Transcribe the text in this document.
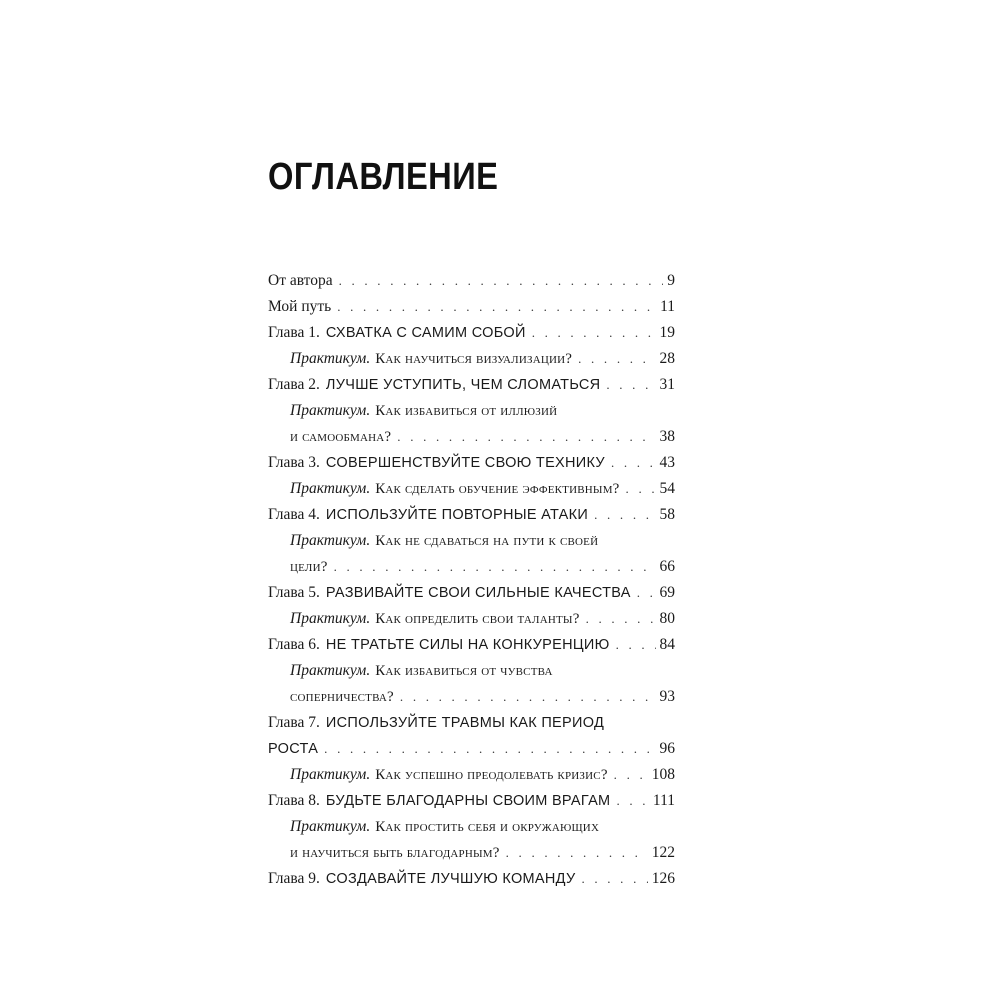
ОГЛАВЛЕНИЕ
От автора . . .	9
Мой путь . . .	11
Глава 1. СХВАТКА С САМИМ СОБОЙ . . .	19
Практикум. Как научиться визуализации? . . .	28
Глава 2. ЛУЧШЕ УСТУПИТЬ, ЧЕМ СЛОМАТЬСЯ . . .	31
Практикум. Как избавиться от иллюзий
и самообмана? . . .	38
Глава 3. СОВЕРШЕНСТВУЙТЕ СВОЮ ТЕХНИКУ . . .	43
Практикум. Как сделать обучение эффективным? . . .	54
Глава 4. ИСПОЛЬЗУЙТЕ ПОВТОРНЫЕ АТАКИ . . .	58
Практикум. Как не сдаваться на пути к своей
цели? . . .	66
Глава 5. РАЗВИВАЙТЕ СВОИ СИЛЬНЫЕ КАЧЕСТВА . . . 69
Практикум. Как определить свои таланты? . . .	80
Глава 6. НЕ ТРАТЬТЕ СИЛЫ НА КОНКУРЕНЦИЮ . . .	84
Практикум. Как избавиться от чувства
соперничества? . . .	93
Глава 7. ИСПОЛЬЗУЙТЕ ТРАВМЫ КАК ПЕРИОД
РОСТА . . .	96
Практикум. Как успешно преодолевать кризис? . . .	108
Глава 8. БУДЬТЕ БЛАГОДАРНЫ СВОИМ ВРАГАМ . . .	111
Практикум. Как простить себя и окружающих
и научиться быть благодарным? . . .	122
Глава 9. СОЗДАВАЙТЕ ЛУЧШУЮ КОМАНДУ . . .	126
